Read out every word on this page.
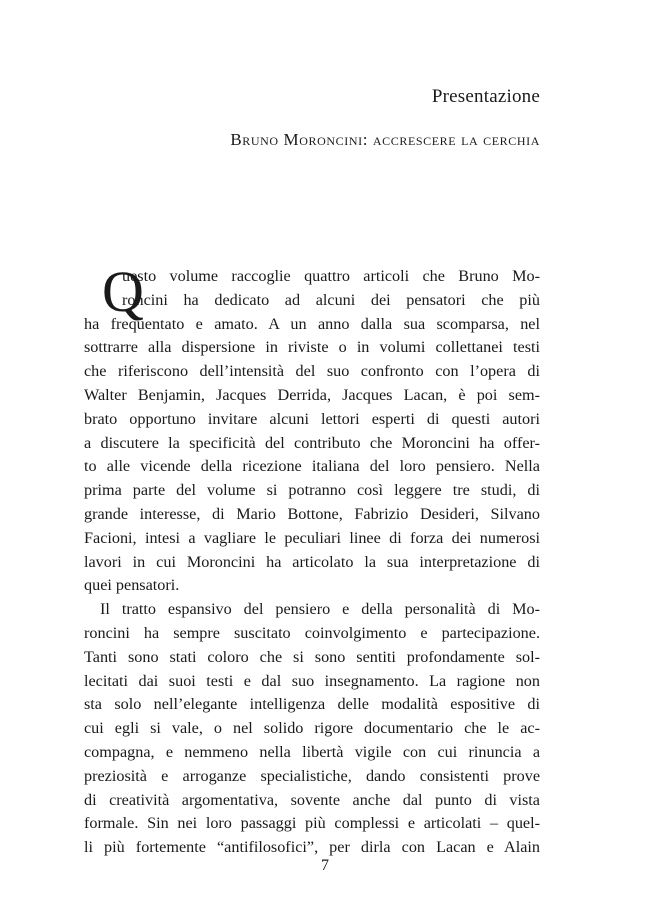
Presentazione
Bruno Moroncini: accrescere la cerchia
Q
uesto volume raccoglie quattro articoli che Bruno Mo-
roncini ha dedicato ad alcuni dei pensatori che più
ha frequentato e amato. A un anno dalla sua scomparsa, nel
sottrarre alla dispersione in riviste o in volumi collettanei testi
che riferiscono dell’intensità del suo confronto con l’opera di
Walter Benjamin, Jacques Derrida, Jacques Lacan, è poi sem-
brato opportuno invitare alcuni lettori esperti di questi autori
a discutere la specificità del contributo che Moroncini ha offer-
to alle vicende della ricezione italiana del loro pensiero. Nella
prima parte del volume si potranno così leggere tre studi, di
grande interesse, di Mario Bottone, Fabrizio Desideri, Silvano
Facioni, intesi a vagliare le peculiari linee di forza dei numerosi
lavori in cui Moroncini ha articolato la sua interpretazione di
quei pensatori.
Il tratto espansivo del pensiero e della personalità di Mo-
roncini ha sempre suscitato coinvolgimento e partecipazione.
Tanti sono stati coloro che si sono sentiti profondamente sol-
lecitati dai suoi testi e dal suo insegnamento. La ragione non
sta solo nell’elegante intelligenza delle modalità espositive di
cui egli si vale, o nel solido rigore documentario che le ac-
compagna, e nemmeno nella libertà vigile con cui rinuncia a
preziosità e arroganze specialistiche, dando consistenti prove
di creatività argomentativa, sovente anche dal punto di vista
formale. Sin nei loro passaggi più complessi e articolati – quel-
li più fortemente “antifilosofici”, per dirla con Lacan e Alain
7
